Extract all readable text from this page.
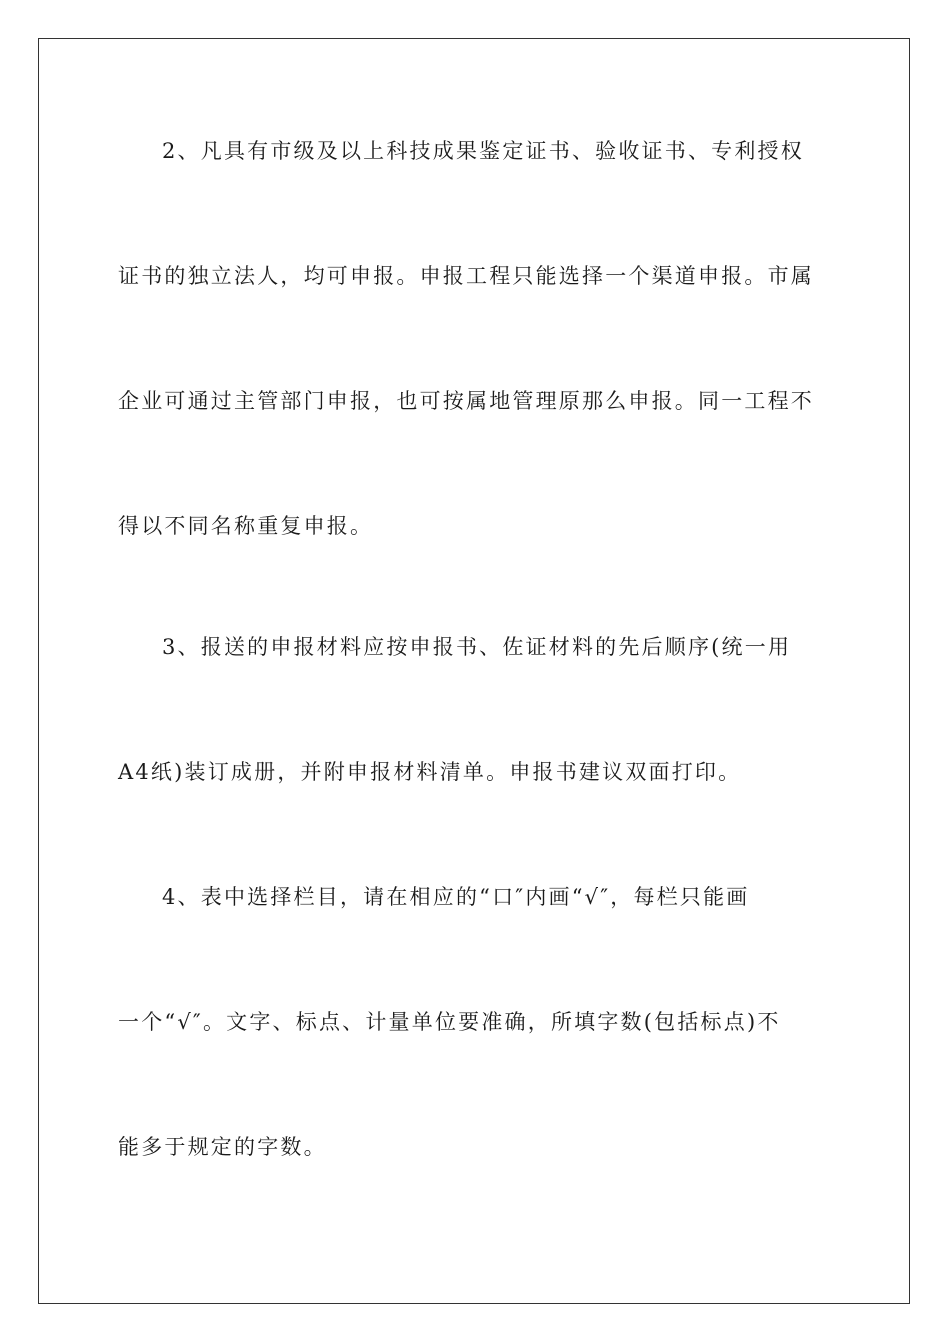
2、凡具有市级及以上科技成果鉴定证书、验收证书、专利授权
证书的独立法人，均可申报。申报工程只能选择一个渠道申报。市属
企业可通过主管部门申报，也可按属地管理原那么申报。同一工程不
得以不同名称重复申报。
3、报送的申报材料应按申报书、佐证材料的先后顺序(统一用
A4纸)装订成册，并附申报材料清单。申报书建议双面打印。
4、表中选择栏目，请在相应的“口″内画“√″，每栏只能画
一个“√″。文字、标点、计量单位要准确，所填字数(包括标点)不
能多于规定的字数。
